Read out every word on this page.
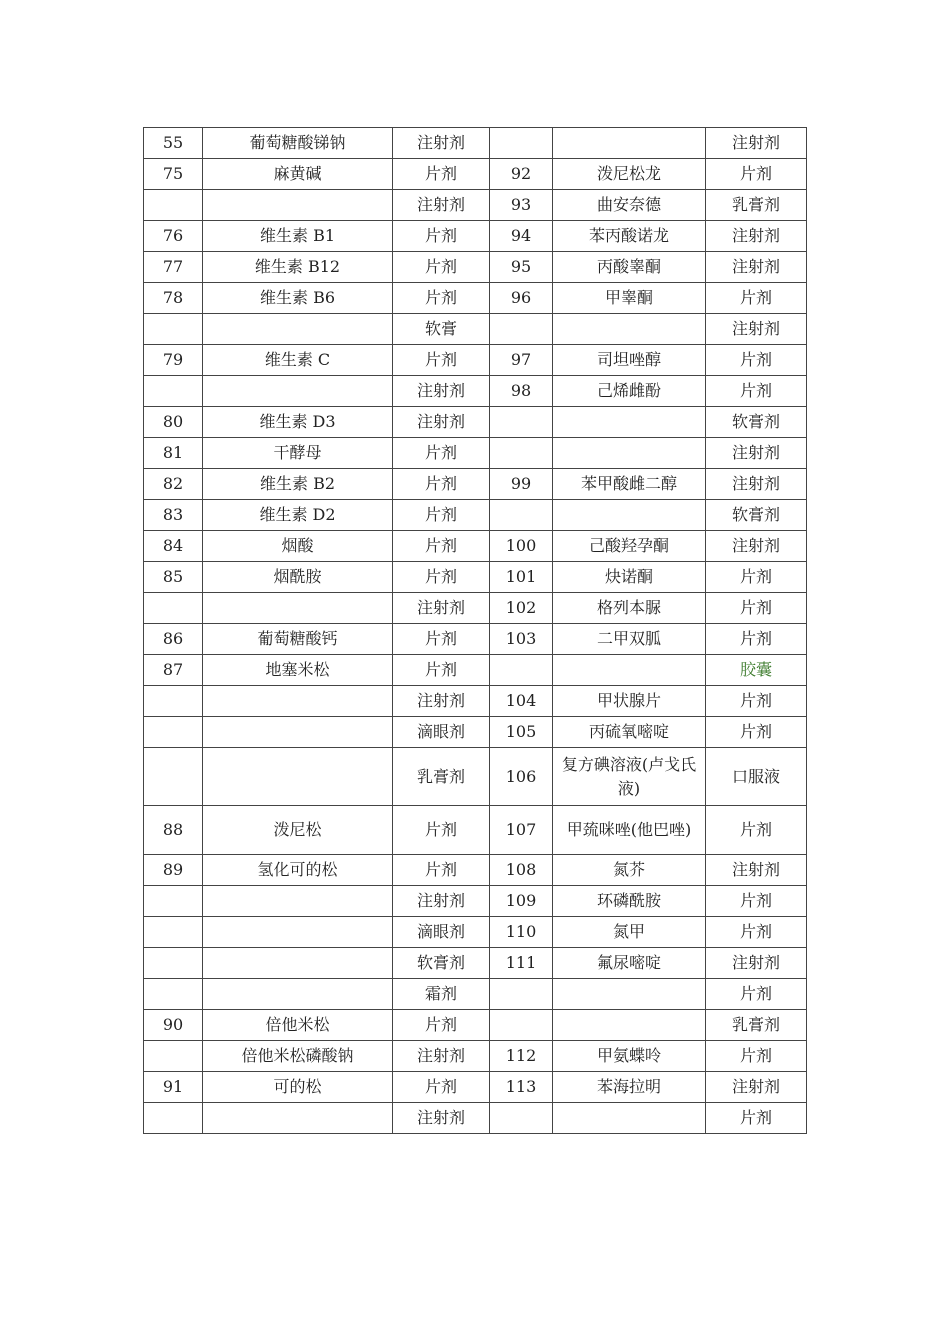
55	葡萄糖酸锑钠	注射剂			注射剂
75	麻黄碱	片剂	92	泼尼松龙	片剂
		注射剂	93	曲安奈德	乳膏剂
76	维生素 B1	片剂	94	苯丙酸诺龙	注射剂
77	维生素 B12	片剂	95	丙酸睾酮	注射剂
78	维生素 B6	片剂	96	甲睾酮	片剂
		软膏			注射剂
79	维生素 C	片剂	97	司坦唑醇	片剂
		注射剂	98	己烯雌酚	片剂
80	维生素 D3	注射剂			软膏剂
81	干酵母	片剂			注射剂
82	维生素 B2	片剂	99	苯甲酸雌二醇	注射剂
83	维生素 D2	片剂			软膏剂
84	烟酸	片剂	100	己酸羟孕酮	注射剂
85	烟酰胺	片剂	101	炔诺酮	片剂
		注射剂	102	格列本脲	片剂
86	葡萄糖酸钙	片剂	103	二甲双胍	片剂
87	地塞米松	片剂			胶囊
		注射剂	104	甲状腺片	片剂
		滴眼剂	105	丙硫氧嘧啶	片剂
		乳膏剂	106	复方碘溶液(卢戈氏液)	口服液
88	泼尼松	片剂	107	甲巯咪唑(他巴唑)	片剂
89	氢化可的松	片剂	108	氮芥	注射剂
		注射剂	109	环磷酰胺	片剂
		滴眼剂	110	氮甲	片剂
		软膏剂	111	氟尿嘧啶	注射剂
		霜剂			片剂
90	倍他米松	片剂			乳膏剂
	倍他米松磷酸钠	注射剂	112	甲氨蝶呤	片剂
91	可的松	片剂	113	苯海拉明	注射剂
		注射剂			片剂
